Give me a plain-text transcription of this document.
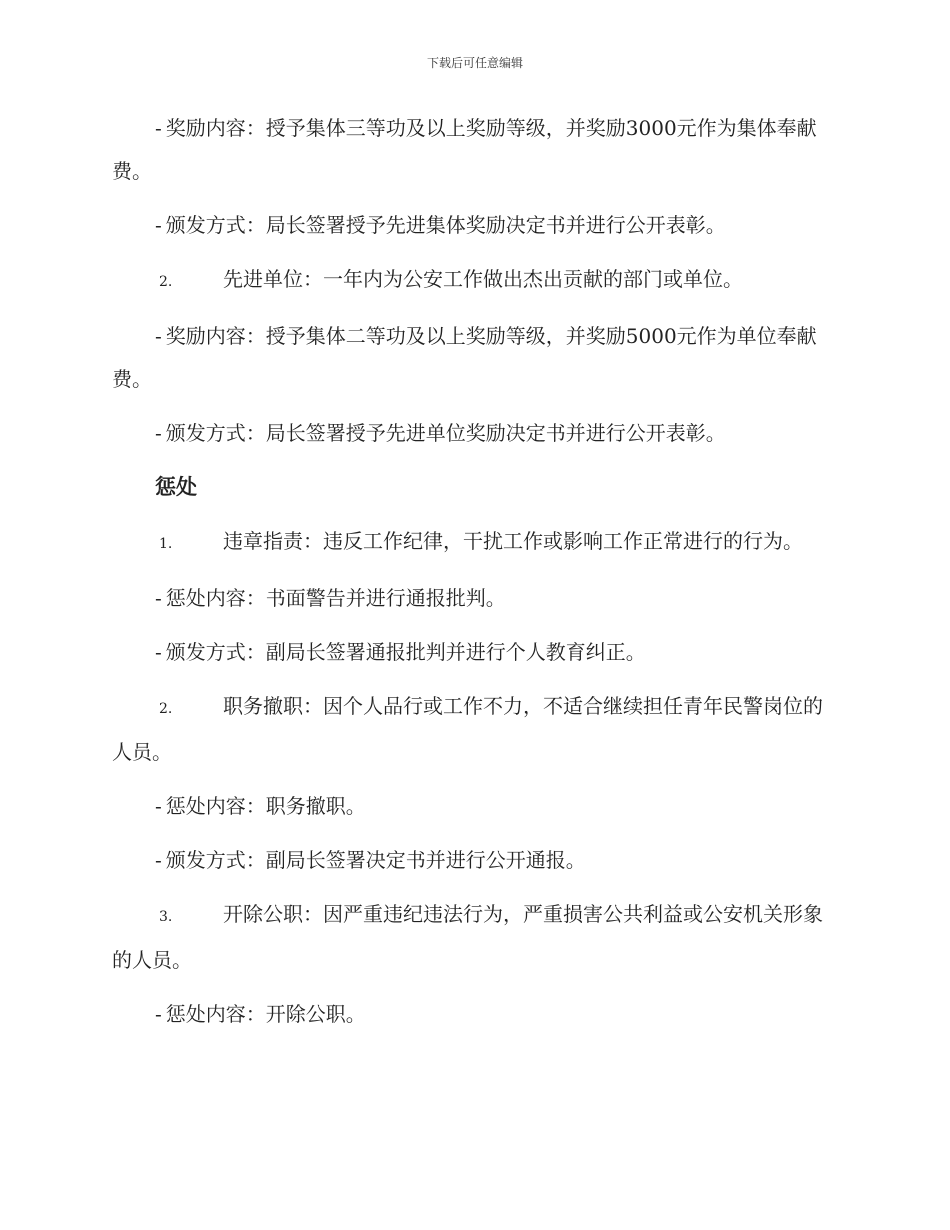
下载后可任意编辑

- 奖励内容：授予集体三等功及以上奖励等级，并奖励3000元作为集体奉献费。

- 颁发方式：局长签署授予先进集体奖励决定书并进行公开表彰。

2.	先进单位：一年内为公安工作做出杰出贡献的部门或单位。

- 奖励内容：授予集体二等功及以上奖励等级，并奖励5000元作为单位奉献费。

- 颁发方式：局长签署授予先进单位奖励决定书并进行公开表彰。

惩处

1.	违章指责：违反工作纪律，干扰工作或影响工作正常进行的行为。

- 惩处内容：书面警告并进行通报批判。

- 颁发方式：副局长签署通报批判并进行个人教育纠正。

2.	职务撤职：因个人品行或工作不力，不适合继续担任青年民警岗位的人员。

- 惩处内容：职务撤职。

- 颁发方式：副局长签署决定书并进行公开通报。

3.	开除公职：因严重违纪违法行为，严重损害公共利益或公安机关形象的人员。

- 惩处内容：开除公职。
